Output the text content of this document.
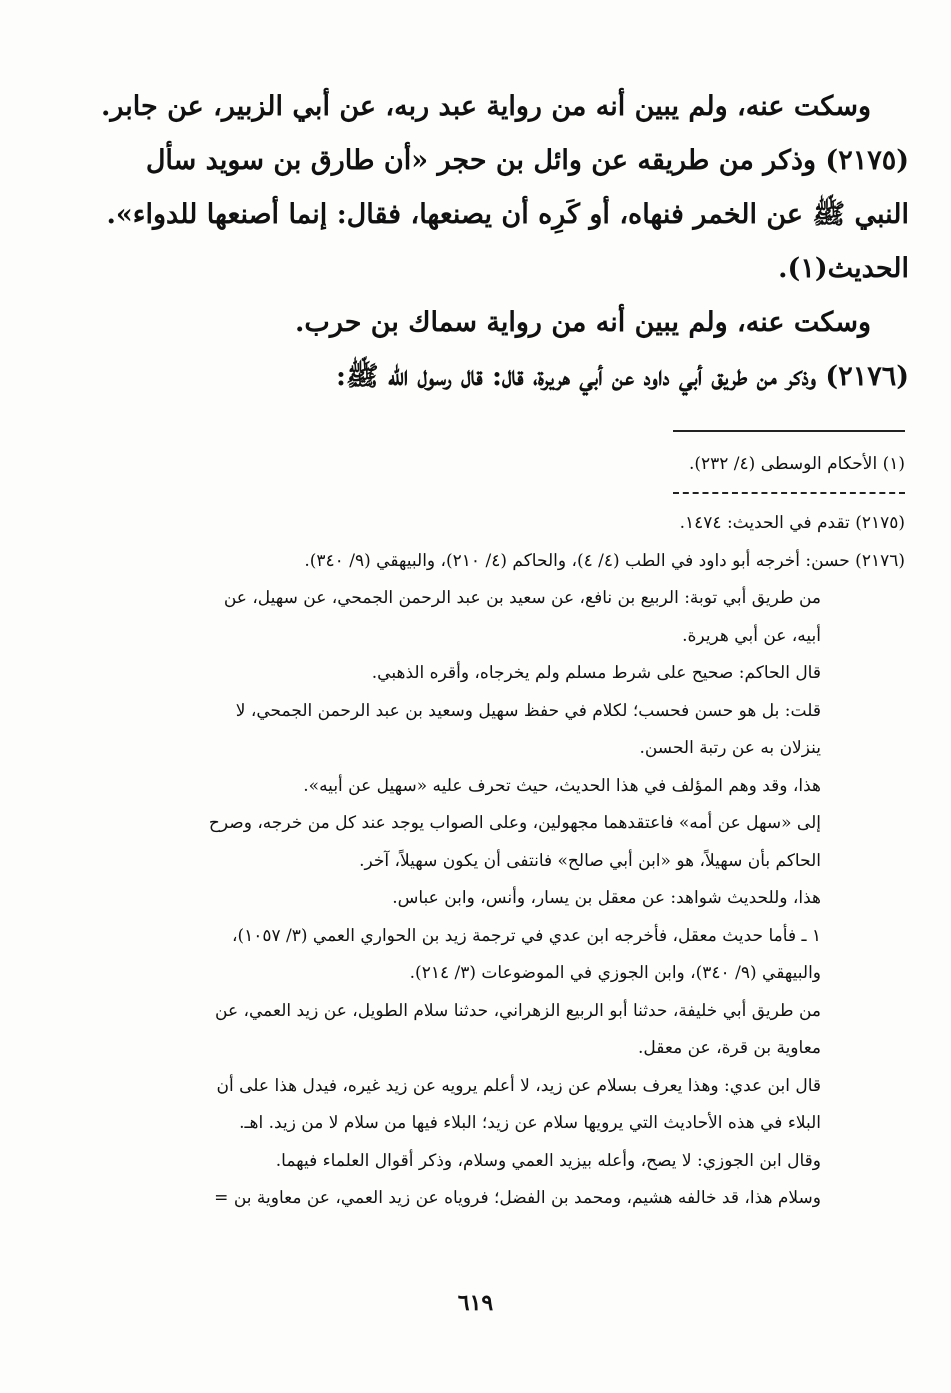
وسكت عنه، ولم يبين أنه من رواية عبد ربه، عن أبي الزبير، عن جابر.
(٢١٧٥) وذكر من طريقه عن وائل بن حجر «أن طارق بن سويد سأل
النبي ﷺ عن الخمر فنهاه، أو كَرِه أن يصنعها، فقال: إنما أصنعها للدواء».
الحديث(١).
وسكت عنه، ولم يبين أنه من رواية سماك بن حرب.
(٢١٧٦) وذكر من طريق أبي داود عن أبي هريرة، قال: قال رسول الله ﷺ:
(١) الأحكام الوسطى (٤/ ٢٣٢).
(٢١٧٥) تقدم في الحديث: ١٤٧٤.
(٢١٧٦) حسن: أخرجه أبو داود في الطب (٤/ ٤)، والحاكم (٤/ ٢١٠)، والبيهقي (٩/ ٣٤٠).
من طريق أبي توبة: الربيع بن نافع، عن سعيد بن عبد الرحمن الجمحي، عن سهيل، عن
أبيه، عن أبي هريرة.
قال الحاكم: صحيح على شرط مسلم ولم يخرجاه، وأقره الذهبي.
قلت: بل هو حسن فحسب؛ لكلام في حفظ سهيل وسعيد بن عبد الرحمن الجمحي، لا
ينزلان به عن رتبة الحسن.
هذا، وقد وهم المؤلف في هذا الحديث، حيث تحرف عليه «سهيل عن أبيه».
إلى «سهل عن أمه» فاعتقدهما مجهولين، وعلى الصواب يوجد عند كل من خرجه، وصرح
الحاكم بأن سهيلاً، هو «ابن أبي صالح» فانتفى أن يكون سهيلاً، آخر.
هذا، وللحديث شواهد: عن معقل بن يسار، وأنس، وابن عباس.
١ ـ فأما حديث معقل، فأخرجه ابن عدي في ترجمة زيد بن الحواري العمي (٣/ ١٠٥٧)،
والبيهقي (٩/ ٣٤٠)، وابن الجوزي في الموضوعات (٣/ ٢١٤).
من طريق أبي خليفة، حدثنا أبو الربيع الزهراني، حدثنا سلام الطويل، عن زيد العمي، عن
معاوية بن قرة، عن معقل.
قال ابن عدي: وهذا يعرف بسلام عن زيد، لا أعلم يرويه عن زيد غيره، فيدل هذا على أن
البلاء في هذه الأحاديث التي يرويها سلام عن زيد؛ البلاء فيها من سلام لا من زيد. اهـ.
وقال ابن الجوزي: لا يصح، وأعله بيزيد العمي وسلام، وذكر أقوال العلماء فيهما.
وسلام هذا، قد خالفه هشيم، ومحمد بن الفضل؛ فروياه عن زيد العمي، عن معاوية بن =
٦١٩
